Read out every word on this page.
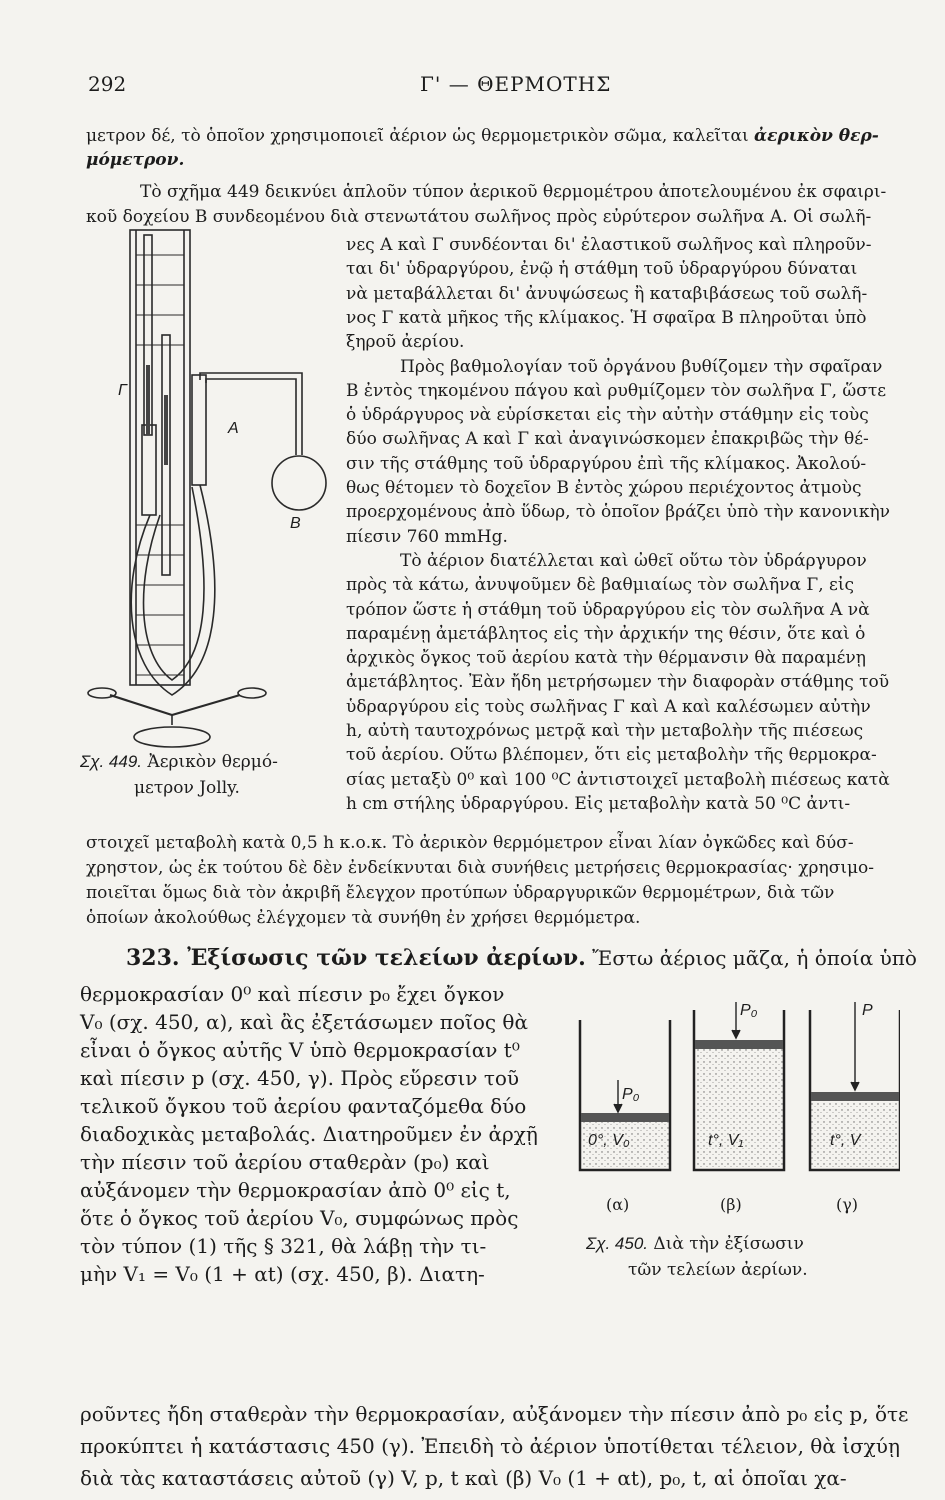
292	Γ' — ΘΕΡΜΟΤΗΣ
μετρον δέ, τὸ ὁποῖον χρησιμοποιεῖ ἀέριον ὡς θερμομετρικὸν σῶμα, καλεῖται ἀερικὸν θερ-
μόμετρον.
Τὸ σχῆμα 449 δεικνύει ἁπλοῦν τύπον ἀερικοῦ θερμομέτρου ἀποτελουμένου ἐκ σφαιρι-
κοῦ δοχείου Β συνδεομένου διὰ στενωτάτου σωλῆνος πρὸς εὐρύτερον σωλῆνα Α. Οἱ σωλῆ-
νες Α καὶ Γ συνδέονται δι' ἐλαστικοῦ σωλῆνος καὶ πληροῦν-
ται δι' ὑδραργύρου, ἐνῷ ἡ στάθμη τοῦ ὑδραργύρου δύναται
νὰ μεταβάλλεται δι' ἀνυψώσεως ἢ καταβιβάσεως τοῦ σωλῆ-
νος Γ κατὰ μῆκος τῆς κλίμακος. Ἡ σφαῖρα Β πληροῦται ὑπὸ
ξηροῦ ἀερίου.
Πρὸς βαθμολογίαν τοῦ ὀργάνου βυθίζομεν τὴν σφαῖραν
Β ἐντὸς τηκομένου πάγου καὶ ρυθμίζομεν τὸν σωλῆνα Γ, ὥστε
ὁ ὑδράργυρος νὰ εὑρίσκεται εἰς τὴν αὐτὴν στάθμην εἰς τοὺς
δύο σωλῆνας Α καὶ Γ καὶ ἀναγινώσκομεν ἐπακριβῶς τὴν θέ-
σιν τῆς στάθμης τοῦ ὑδραργύρου ἐπὶ τῆς κλίμακος. Ἀκολού-
θως θέτομεν τὸ δοχεῖον Β ἐντὸς χώρου περιέχοντος ἀτμοὺς
προερχομένους ἀπὸ ὕδωρ, τὸ ὁποῖον βράζει ὑπὸ τὴν κανονικὴν
πίεσιν 760 mmHg.
Τὸ ἀέριον διατέλλεται καὶ ὠθεῖ οὕτω τὸν ὑδράργυρον
πρὸς τὰ κάτω, ἀνυψοῦμεν δὲ βαθμιαίως τὸν σωλῆνα Γ, εἰς
τρόπον ὥστε ἡ στάθμη τοῦ ὑδραργύρου εἰς τὸν σωλῆνα Α νὰ
παραμένῃ ἀμετάβλητος εἰς τὴν ἀρχικήν της θέσιν, ὅτε καὶ ὁ
ἀρχικὸς ὄγκος τοῦ ἀερίου κατὰ τὴν θέρμανσιν θὰ παραμένῃ
ἀμετάβλητος. Ἐὰν ἤδη μετρήσωμεν τὴν διαφορὰν στάθμης τοῦ
ὑδραργύρου εἰς τοὺς σωλῆνας Γ καὶ Α καὶ καλέσωμεν αὐτὴν
h, αὐτὴ ταυτοχρόνως μετρᾷ καὶ τὴν μεταβολὴν τῆς πιέσεως
τοῦ ἀερίου. Οὕτω βλέπομεν, ὅτι εἰς μεταβολὴν τῆς θερμοκρα-
σίας μεταξὺ 0⁰ καὶ 100 ⁰C ἀντιστοιχεῖ μεταβολὴ πιέσεως κατὰ
h cm στήλης ὑδραργύρου. Εἰς μεταβολὴν κατὰ 50 ⁰C ἀντι-
Γ
Α
Β
Σχ. 449. Ἀερικὸν θερμό-
μετρον Jolly.
στοιχεῖ μεταβολὴ κατὰ 0,5 h κ.ο.κ. Τὸ ἀερικὸν θερμόμετρον εἶναι λίαν ὀγκῶδες καὶ δύσ-
χρηστον, ὡς ἐκ τούτου δὲ δὲν ἐνδείκνυται διὰ συνήθεις μετρήσεις θερμοκρασίας· χρησιμο-
ποιεῖται ὅμως διὰ τὸν ἀκριβῆ ἔλεγχον προτύπων ὑδραργυρικῶν θερμομέτρων, διὰ τῶν
ὁποίων ἀκολούθως ἐλέγχομεν τὰ συνήθη ἐν χρήσει θερμόμετρα.
323. Ἐξίσωσις τῶν τελείων ἀερίων. Ἔστω ἀέριος μᾶζα, ἡ ὁποία ὑπὸ
θερμοκρασίαν 0⁰ καὶ πίεσιν p₀ ἔχει ὄγκον
V₀ (σχ. 450, α), καὶ ἂς ἐξετάσωμεν ποῖος θὰ
εἶναι ὁ ὄγκος αὐτῆς V ὑπὸ θερμοκρασίαν t⁰
καὶ πίεσιν p (σχ. 450, γ). Πρὸς εὕρεσιν τοῦ
τελικοῦ ὄγκου τοῦ ἀερίου φανταζόμεθα δύο
διαδοχικὰς μεταβολάς. Διατηροῦμεν ἐν ἀρχῇ
τὴν πίεσιν τοῦ ἀερίου σταθερὰν (p₀) καὶ
αὐξάνομεν τὴν θερμοκρασίαν ἀπὸ 0⁰ εἰς t,
ὅτε ὁ ὄγκος τοῦ ἀερίου V₀, συμφώνως πρὸς
τὸν τύπον (1) τῆς § 321, θὰ λάβῃ τὴν τι-
μὴν V₁ = V₀ (1 + αt) (σχ. 450, β). Διατη-
P₀
P₀	P
0°, V₀	t°, V₁	t°, V
(α)	(β)	(γ)
Σχ. 450. Διὰ τὴν ἐξίσωσιν
τῶν τελείων ἀερίων.
ροῦντες ἤδη σταθερὰν τὴν θερμοκρασίαν, αὐξάνομεν τὴν πίεσιν ἀπὸ p₀ εἰς p, ὅτε
προκύπτει ἡ κατάστασις 450 (γ). Ἐπειδὴ τὸ ἀέριον ὑποτίθεται τέλειον, θὰ ἰσχύῃ
διὰ τὰς καταστάσεις αὐτοῦ (γ) V, p, t καὶ (β) V₀ (1 + αt), p₀, t, αἱ ὁποῖαι χα-
